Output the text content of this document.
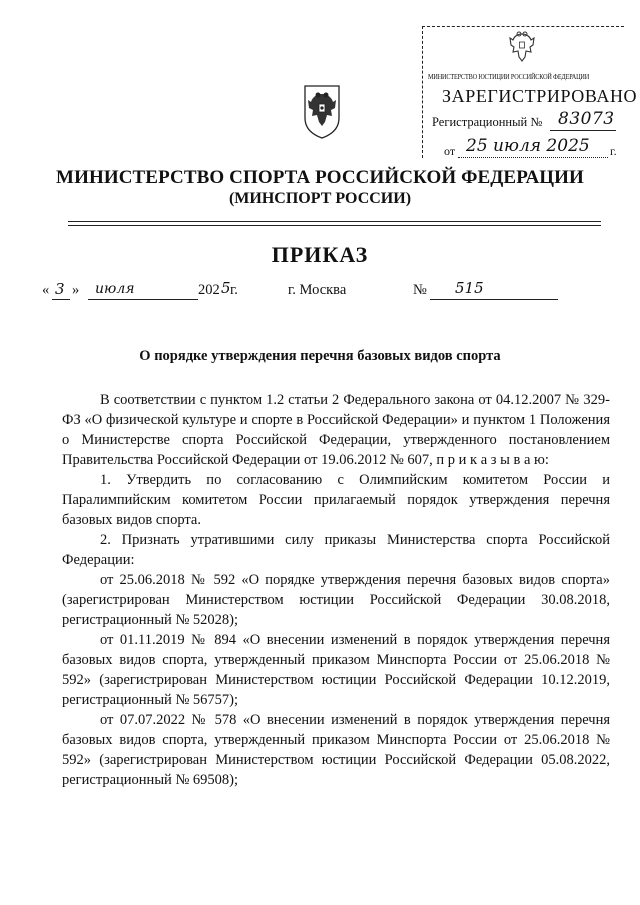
МИНИСТЕРСТВО ЮСТИЦИИ РОССИЙСКОЙ ФЕДЕРАЦИИ
ЗАРЕГИСТРИРОВАНО
Регистрационный № 83073
от 25 июля 2025 г.
МИНИСТЕРСТВО СПОРТА РОССИЙСКОЙ ФЕДЕРАЦИИ
(МИНСПОРТ РОССИИ)
ПРИКАЗ
« 3 » июля	202 5 г.	г. Москва	№ 515
О порядке утверждения перечня базовых видов спорта

В соответствии с пунктом 1.2 статьи 2 Федерального закона от 04.12.2007 № 329-ФЗ «О физической культуре и спорте в Российской Федерации» и пунктом 1 Положения о Министерстве спорта Российской Федерации, утвержденного постановлением Правительства Российской Федерации от 19.06.2012 № 607, п р и к а з ы в а ю:

1. Утвердить по согласованию с Олимпийским комитетом России и Паралимпийским комитетом России прилагаемый порядок утверждения перечня базовых видов спорта.

2. Признать утратившими силу приказы Министерства спорта Российской Федерации:

от 25.06.2018 № 592 «О порядке утверждения перечня базовых видов спорта» (зарегистрирован Министерством юстиции Российской Федерации 30.08.2018, регистрационный № 52028);

от 01.11.2019 № 894 «О внесении изменений в порядок утверждения перечня базовых видов спорта, утвержденный приказом Минспорта России от 25.06.2018 № 592» (зарегистрирован Министерством юстиции Российской Федерации 10.12.2019, регистрационный № 56757);

от 07.07.2022 № 578 «О внесении изменений в порядок утверждения перечня базовых видов спорта, утвержденный приказом Минспорта России от 25.06.2018 № 592» (зарегистрирован Министерством юстиции Российской Федерации 05.08.2022, регистрационный № 69508);
